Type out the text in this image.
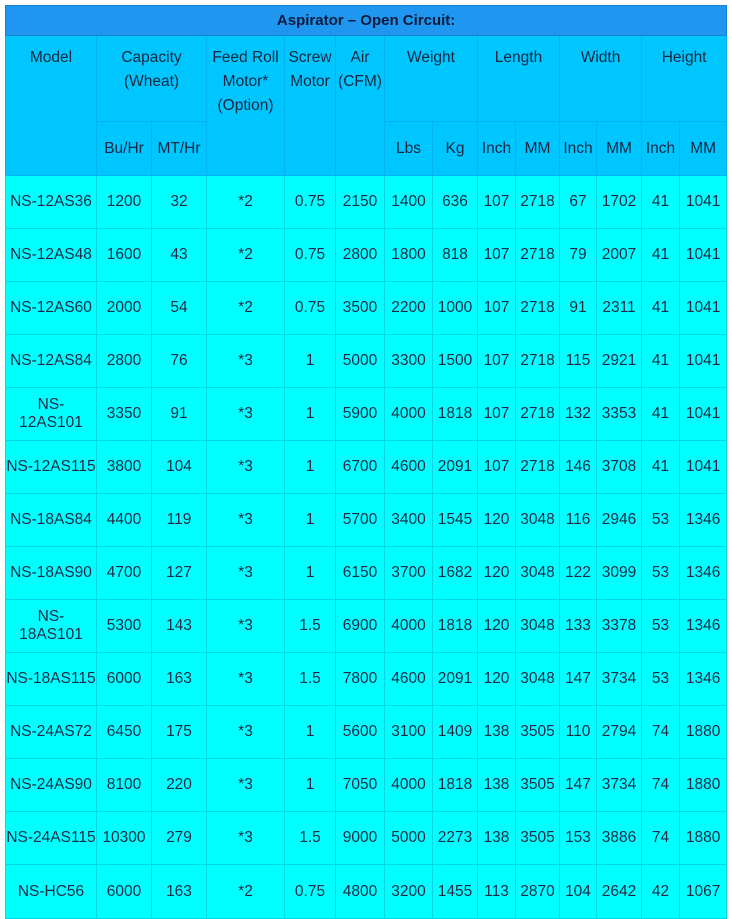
Aspirator – Open Circuit:													
Model	Capacity (Wheat)		Feed Roll Motor* (Option)	Screw Motor	Air (CFM)	Weight		Length		Width		Height	
	Bu/Hr	MT/Hr				Lbs	Kg	Inch	MM	Inch	MM	Inch	MM
NS-12AS36	1200	32	*2	0.75	2150	1400	636	107	2718	67	1702	41	1041
NS-12AS48	1600	43	*2	0.75	2800	1800	818	107	2718	79	2007	41	1041
NS-12AS60	2000	54	*2	0.75	3500	2200	1000	107	2718	91	2311	41	1041
NS-12AS84	2800	76	*3	1	5000	3300	1500	107	2718	115	2921	41	1041
NS-12AS101	3350	91	*3	1	5900	4000	1818	107	2718	132	3353	41	1041
NS-12AS115	3800	104	*3	1	6700	4600	2091	107	2718	146	3708	41	1041
NS-18AS84	4400	119	*3	1	5700	3400	1545	120	3048	116	2946	53	1346
NS-18AS90	4700	127	*3	1	6150	3700	1682	120	3048	122	3099	53	1346
NS-18AS101	5300	143	*3	1.5	6900	4000	1818	120	3048	133	3378	53	1346
NS-18AS115	6000	163	*3	1.5	7800	4600	2091	120	3048	147	3734	53	1346
NS-24AS72	6450	175	*3	1	5600	3100	1409	138	3505	110	2794	74	1880
NS-24AS90	8100	220	*3	1	7050	4000	1818	138	3505	147	3734	74	1880
NS-24AS115	10300	279	*3	1.5	9000	5000	2273	138	3505	153	3886	74	1880
NS-HC56	6000	163	*2	0.75	4800	3200	1455	113	2870	104	2642	42	1067
